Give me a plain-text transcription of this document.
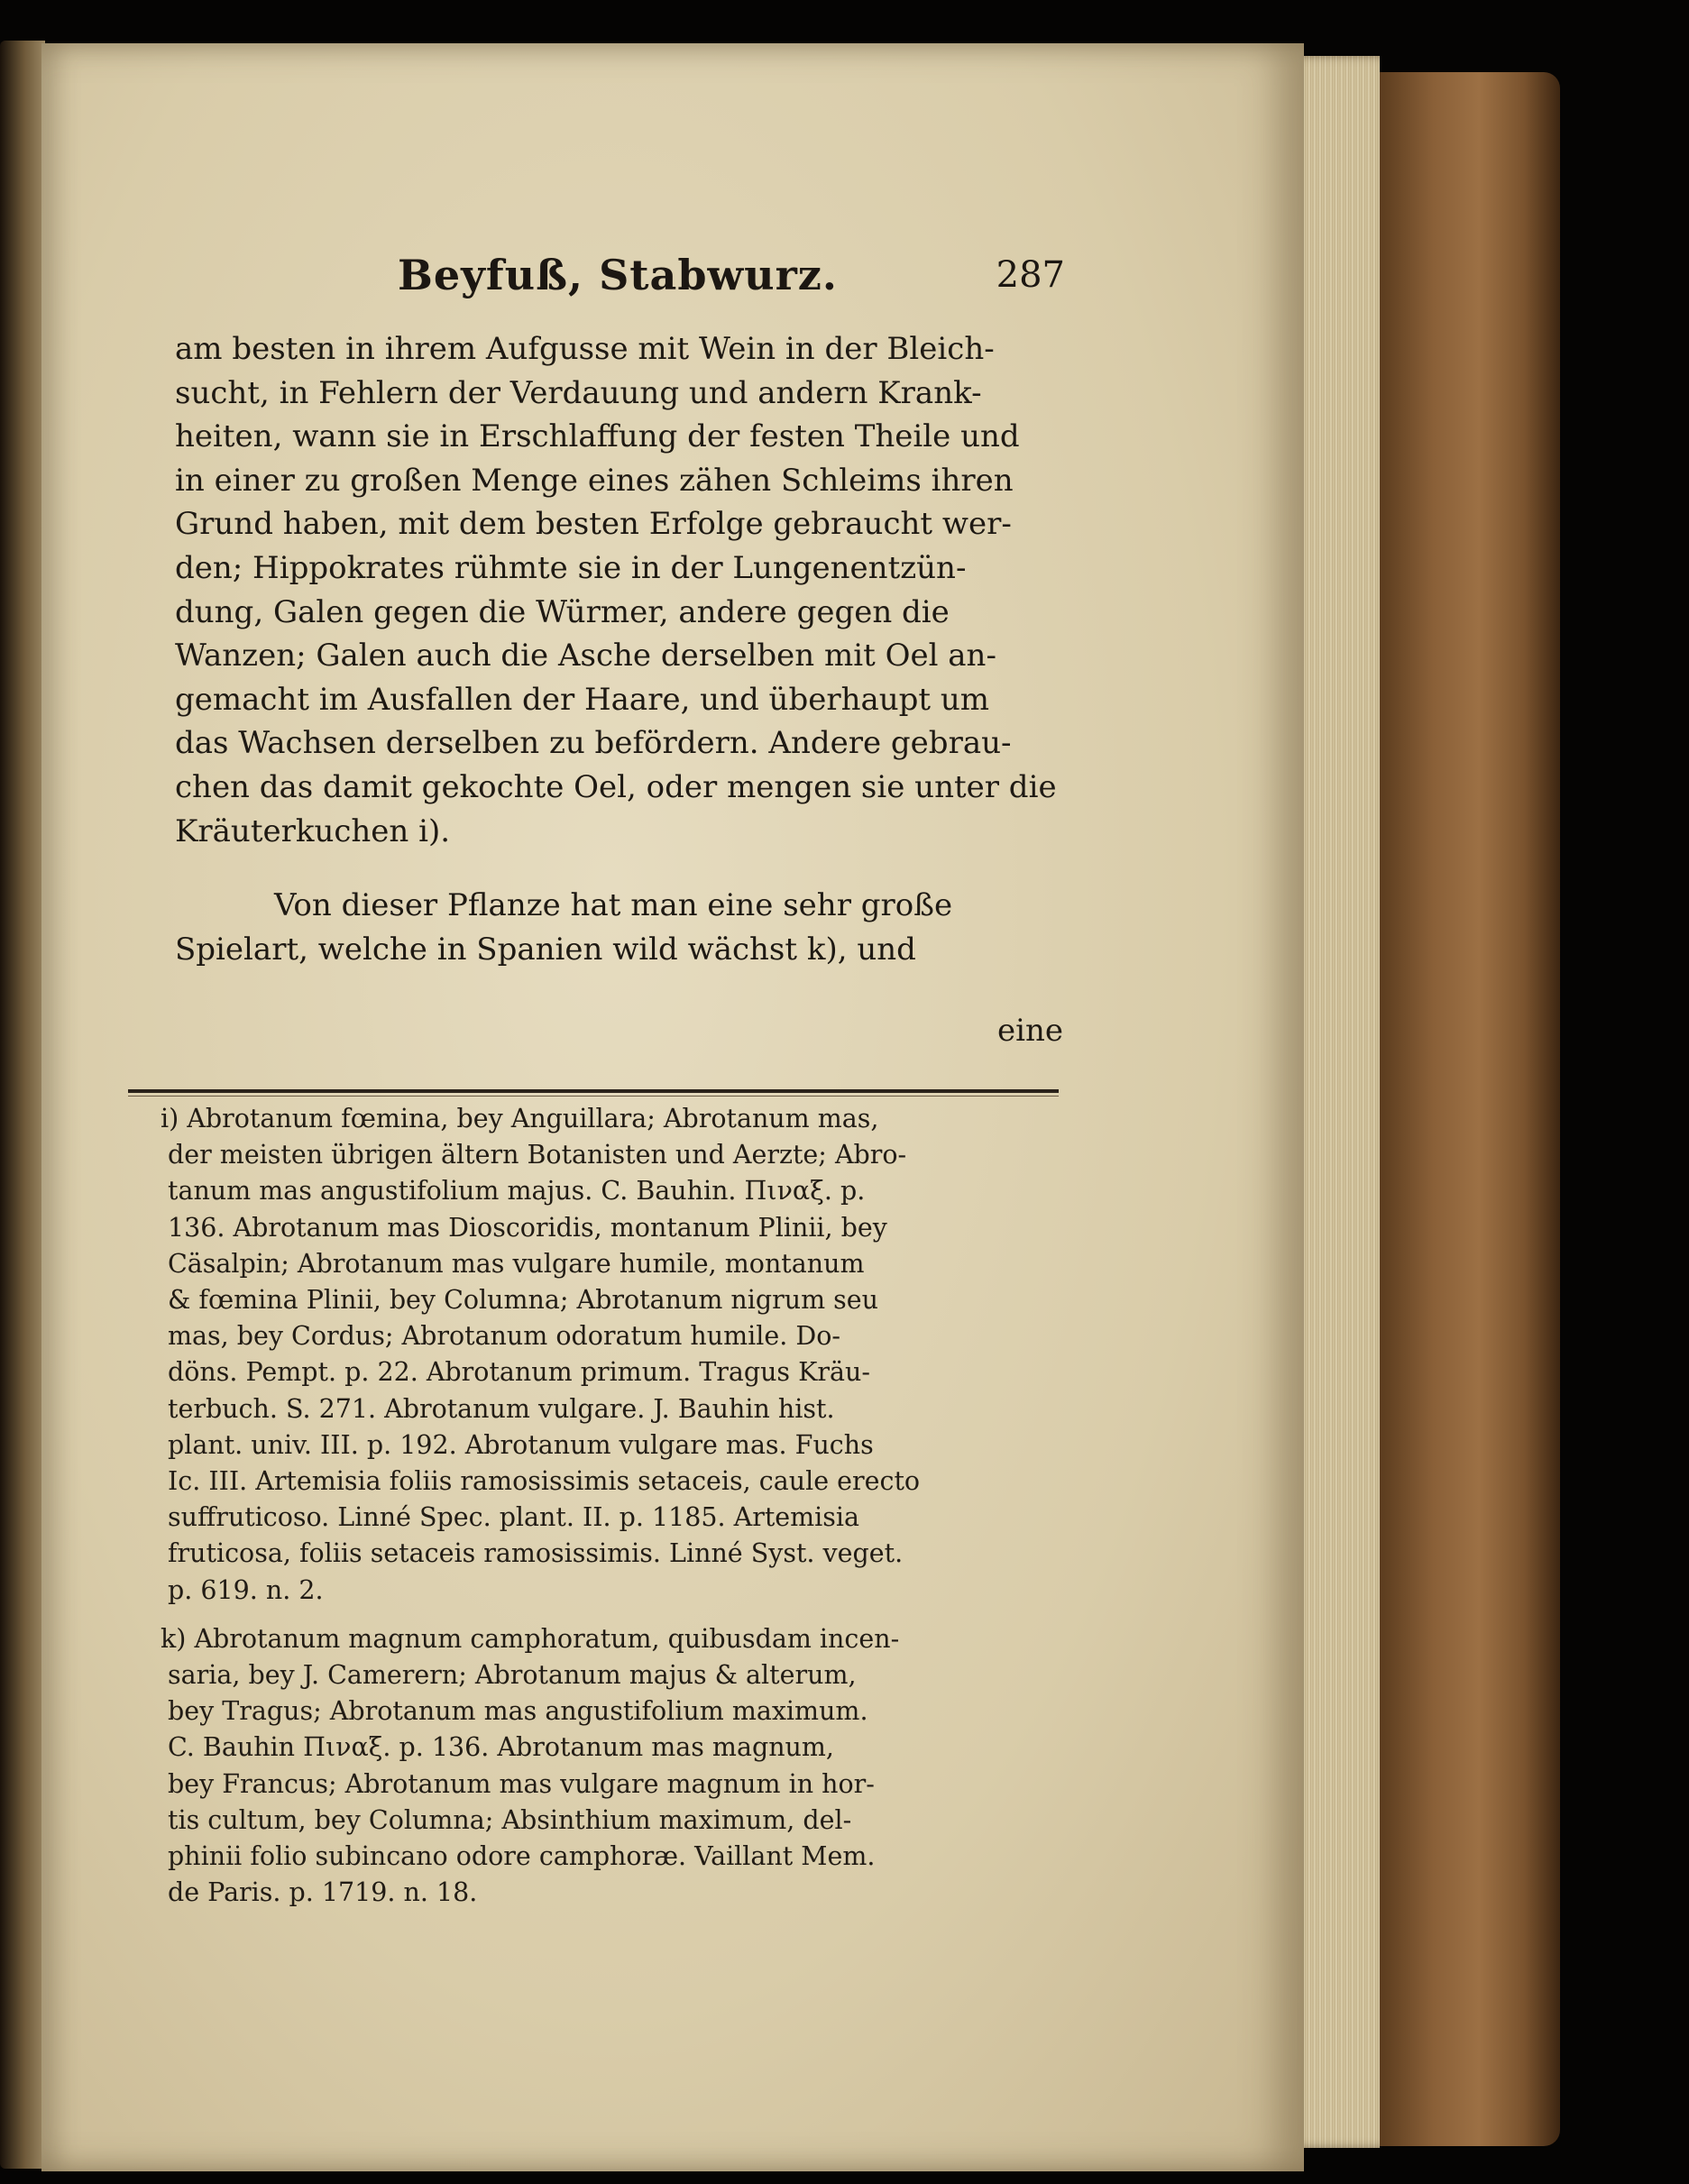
Beyfuß, Stabwurz.	287
am besten in ihrem Aufgusse mit Wein in der Bleich-
sucht, in Fehlern der Verdauung und andern Krank-
heiten, wann sie in Erschlaffung der festen Theile und
in einer zu großen Menge eines zähen Schleims ihren
Grund haben, mit dem besten Erfolge gebraucht wer-
den; Hippokrates rühmte sie in der Lungenentzün-
dung, Galen gegen die Würmer, andere gegen die
Wanzen; Galen auch die Asche derselben mit Oel an-
gemacht im Ausfallen der Haare, und überhaupt um
das Wachsen derselben zu befördern. Andere gebrau-
chen das damit gekochte Oel, oder mengen sie unter die
Kräuterkuchen i).
Von dieser Pflanze hat man eine sehr große
Spielart, welche in Spanien wild wächst k), und
eine
i) Abrotanum fœmina, bey Anguillara; Abrotanum mas,
der meisten übrigen ältern Botanisten und Aerzte; Abro-
tanum mas angustifolium majus. C. Bauhin. Πιναξ. p.
136. Abrotanum mas Dioscoridis, montanum Plinii, bey
Cäsalpin; Abrotanum mas vulgare humile, montanum
& fœmina Plinii, bey Columna; Abrotanum nigrum seu
mas, bey Cordus; Abrotanum odoratum humile. Do-
döns. Pempt. p. 22. Abrotanum primum. Tragus Kräu-
terbuch. S. 271. Abrotanum vulgare. J. Bauhin hist.
plant. univ. III. p. 192. Abrotanum vulgare mas. Fuchs
Ic. III. Artemisia foliis ramosissimis setaceis, caule erecto
suffruticoso. Linné Spec. plant. II. p. 1185. Artemisia
fruticosa, foliis setaceis ramosissimis. Linné Syst. veget.
p. 619. n. 2.
k) Abrotanum magnum camphoratum, quibusdam incen-
saria, bey J. Camerern; Abrotanum majus & alterum,
bey Tragus; Abrotanum mas angustifolium maximum.
C. Bauhin Πιναξ. p. 136. Abrotanum mas magnum,
bey Francus; Abrotanum mas vulgare magnum in hor-
tis cultum, bey Columna; Absinthium maximum, del-
phinii folio subincano odore camphoræ. Vaillant Mem.
de Paris. p. 1719. n. 18.
